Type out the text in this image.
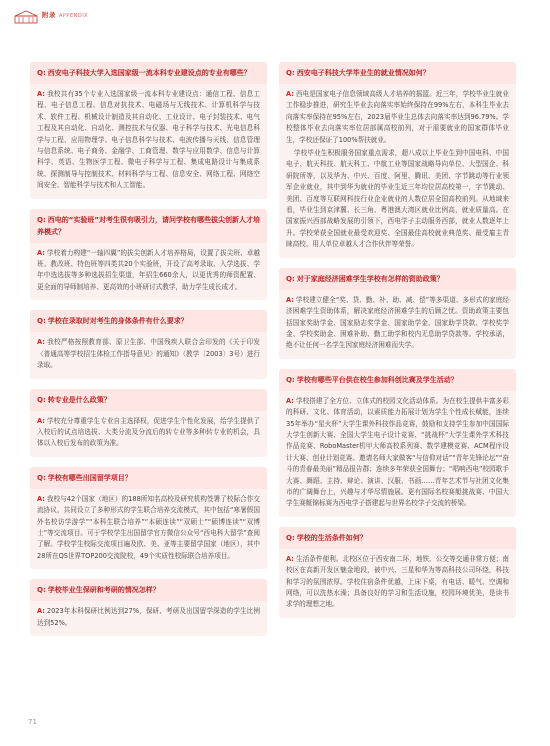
附录 APPENDIX
Q: 西安电子科技大学入选国家级一流本科专业建设点的专业有哪些？

A: 我校共有35个专业入选国家级一流本科专业建设点：通信工程、信息工程、电子信息工程、信息对抗技术、电磁场与无线技术、计算机科学与技术、软件工程、机械设计制造及其自动化、工业设计、电子封装技术、电气工程及其自动化、自动化、测控技术与仪器、电子科学与技术、光电信息科学与工程、应用物理学、电子信息科学与技术、电波传播与天线、信息管理与信息系统、电子商务、金融学、工商管理、数学与应用数学、信息与计算科学、英语、生物医学工程、微电子科学与工程、集成电路设计与集成系统、探测制导与控制技术、材料科学与工程、信息安全、网络工程、网络空间安全、智能科学与技术和人工智能。

Q: 西电的“实验班”对考生很有吸引力，请问学校有哪些拔尖创新人才培养模式？

A: 学校着力构建“一轴四翼”的拔尖创新人才培养格局，设置了拔尖班、卓越班、教改班、特色班等四类共20个实验班，开设了高考录取、入学选拔、学年中选选拔等多种选拔招生渠道，年招生660余人，以更优秀的师资配置、更全面的导师制培养、更高效的小班研讨式教学，助力学生成长成才。

Q: 学校在录取时对考生的身体条件有什么要求？

A: 我校严格按照教育部、原卫生部、中国残疾人联合会印发的《关于印发〈普通高等学校招生体检工作指导意见〉的通知》（教学〔2003〕3号）进行录取。

Q: 转专业是什么政策？

A: 学校充分尊重学生专业自主选择权，促进学生个性化发展，给学生提供了入校后的试点培选拔、大类分流及分流后的转专业等多种转专业的机会，具体以入校后发布的政策为准。

Q: 学校有哪些出国留学项目？

A: 我校与42个国家（地区）的188所知名高校及研究机构签署了校际合作交流协议，共同设立了多种形式的学生联合培养交流模式，其中包括“寒暑假国外名校访学游学”“本科生联合培养”“本硕连读”“双硕士”“硕博连读”“双博士”等交流项目。可于学校学生出国留学官方微信公众号“西电科大留学”查阅了解。学校学生校际交流项目遍及欧、美、亚等主要留学国家（地区），其中28所在QS世界TOP200交流院校，49个实质性校际联合培养项目。

Q: 学校毕业生保研和考研的情况怎样？

A: 2023年本科保研比例达到27%，保研、考研及出国留学深造的学生比例达到52%。

Q: 西安电子科技大学毕业生的就业情况如何？

A: 西电是国家电子信息领域高级人才培养的摇篮。近三年，学校毕业生就业工作稳步推进，研究生毕业去向落实率始终保持在99%左右，本科生毕业去向落实率保持在95%左右，2023届毕业生总体去向落实率达到96.79%。学校整体毕业去向落实率位居部属高校前列，对于需要就业的国家群体毕业生，学校还保证了100%帮扶就业。

学校毕业生积极服务国家重点需求，超八成以上毕业生到中国电科、中国电子、航天科技、航天科工、中航工业等国家战略导向单位、大型国企、科研院所等，以及华为、中兴、百度、阿里、腾讯、美团、字节跳动等行业领军企业就业，其中到华为就业的毕业生近三年均位居高校第一，字节跳动、美团、百度等互联网科技行业企业就业的人数位居全国高校前列。从地域来看，毕业生到京津冀、长三角、粤港澳大湾区就业比例高，就业质量高。在国家振兴西部战略发展的引领下，西电学子主动服务西部，就业人数逐年上升。学校荣获全国就业最受欢迎奖、全国最佳高校就业典范奖、最受雇主青睐高校、用人单位卓越人才合作伙伴等荣誉。

Q: 对于家庭经济困难学生学校有怎样的资助政策？

A: 学校建立健全“奖、贷、勤、补、助、减、偿”等多渠道、多形式的家庭经济困难学生资助体系，解决家庭经济困难学生的后顾之忧。资助政策主要包括国家奖助学金、国家励志奖学金、国家助学金、国家助学贷款、学校奖学金、学校奖助金、困难补助、勤工助学和校内无息助学贷款等。学校承诺，绝不让任何一名学生因家庭经济困难而失学。

Q: 学校有哪些平台供在校生参加科创比赛及学生活动？

A: 学校搭建了全方位、立体式的校园文化活动体系。为在校生提供丰富多彩的科研、文化、体育活动，以素质能力拓展计划为学生个性成长赋能，连续35年举办“星火杯”大学生课外科技作品竞赛，鼓励和支持学生参加中国国际大学生创新大赛、全国大学生电子设计竞赛、“挑战杯”大学生课外学术科技作品竞赛、RoboMaster机甲大师高校系列赛、数学建模竞赛、ACM程序设计大赛、创业计划竞赛。邀请名师大家做客“与信仰对话”“青年先锋论坛”“奋斗的青春最美丽”精品报告群；连续多年荣获全国舞台；“唱响西电”校园歌手大赛、舞蹈、主持、辩论、演讲、汉服、书画……青年艺术节与社团文化集市的广阔舞台上，兴趣与才华尽情施展。更有国际名校赛艇挑战赛、中国大学生赛艇锦标赛为西电学子搭建起与世界名校学子交流的桥梁。

Q: 学校的生活条件如何？

A: 生活条件便利。北校区位于西安南二环，地铁、公交等交通非常方便；南校区在高新开发区魅金地段，被中兴、三星和华为等高科技公司环绕，科技和学习的氛围浓厚。学校住宿条件优越，上床下桌，有电话、暖气、空调和网络，可以洗热水澡；具备良好的学习和生活设施，校园环境优美，是读书求学的理想之地。

71
